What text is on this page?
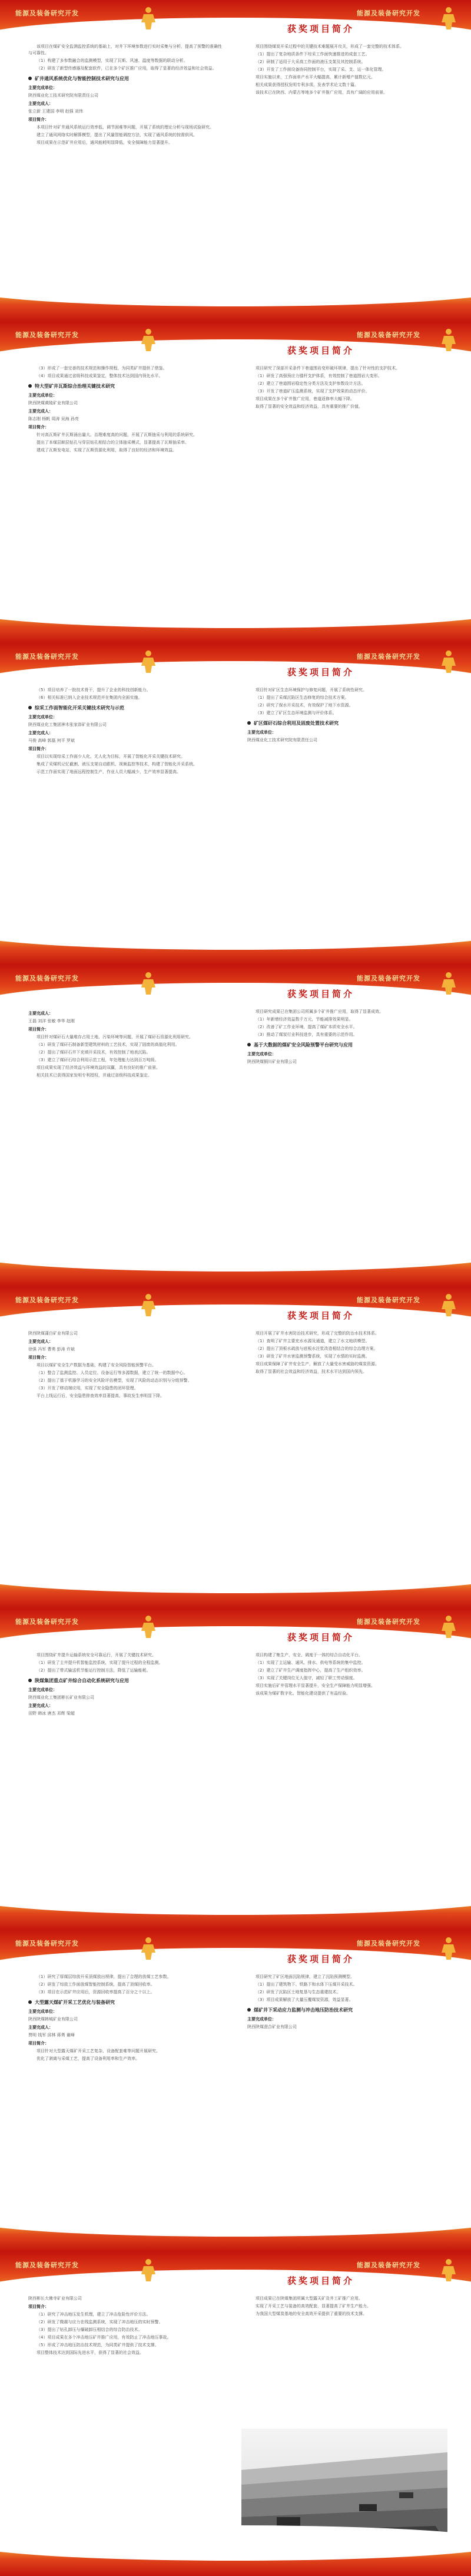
能源及装备研究开发	能源及装备研究开发
获奖项目简介

该项目在煤矿安全监测监控系统的基础上，对井下环境参数进行实时采集与分析，提高了预警的准确性与可靠性。

（1）构建了多参数融合的监测模型，实现了瓦斯、风速、温度等数据的联动分析。

（2）研发了新型传感器及配套软件，已在多个矿区推广应用，取得了显著的经济效益和社会效益。

矿井通风系统优化与智能控制技术研究与应用

主要完成单位：

陕西煤业化工技术研究院有限责任公司

主要完成人：

张立新 王建国 李明 赵强 刘伟

项目简介：

本项目针对矿井通风系统运行效率低、调节困难等问题，开展了系统的理论分析与现场试验研究。

建立了通风网络实时解算模型，提出了风量智能调控方法，实现了通风系统的按需供风。

项目成果在示范矿井应用后，通风能耗明显降低，安全保障能力显著提升。

项目围绕煤炭开采过程中的关键技术难题展开攻关，形成了一套完整的技术体系。

（1）提出了复杂地质条件下综采工作面快速推进的成套工艺。

（2）研制了适用于大采高工作面的液压支架及其控制系统。

（3）开发了工作面设备协同控制平台，实现了采、支、运一体化管理。

项目实施以来，工作面单产水平大幅提高，累计新增产值数亿元。

相关成果获得授权发明专利多项，发表学术论文数十篇。

该技术已在陕西、内蒙古等地多个矿井推广应用，具有广阔的应用前景。

能源及装备研究开发	能源及装备研究开发
获奖项目简介

（3）形成了一套完善的技术规范和操作规程，为同类矿井提供了借鉴。

（4）项目成果通过省级科技成果鉴定，整体技术达到国内领先水平。

特大型矿井瓦斯综合治理关键技术研究

主要完成单位：

陕西陕煤黄陵矿业有限公司

主要完成人：

陈志刚 杨帆 周涛 吴海 孙亮

项目简介：

针对高瓦斯矿井瓦斯涌出量大、治理难度高的问题，开展了瓦斯抽采与利用的系统研究。

提出了本煤层顺层钻孔与穿层钻孔相结合的立体抽采模式，显著提高了瓦斯抽采率。

建成了瓦斯发电站，实现了瓦斯资源化利用，取得了良好的经济和环境效益。

项目研究了深部开采条件下巷道围岩变形破坏规律，提出了针对性的支护技术。

（1）研发了高强预应力锚杆支护体系，有效控制了巷道围岩大变形。

（2）建立了巷道围岩稳定性分类方法及支护参数设计方法。

（3）开发了巷道矿压监测系统，实现了支护效果的动态评价。

项目成果在多个矿井推广应用，巷道返修率大幅下降。

取得了显著的安全效益和经济效益，具有重要的推广价值。

能源及装备研究开发	能源及装备研究开发
获奖项目简介

（5）项目培养了一批技术骨干，提升了企业的科技创新能力。

（6）相关标准已纳入企业技术规范并在集团内全面实施。

综采工作面智能化开采关键技术研究与示范

主要完成单位：

陕西煤业化工集团神木张家峁矿业有限公司

主要完成人：

马俊 高峰 郭磊 何平 罗斌

项目简介：

项目以实现综采工作面少人化、无人化为目标，开展了智能化开采关键技术研究。

集成了采煤机记忆截割、液压支架自动跟机、视频监控等技术，构建了智能化开采系统。

示范工作面实现了地面远程控制生产，作业人员大幅减少，生产效率显著提高。

项目针对矿区生态环境保护与修复问题，开展了系统性研究。

（1）提出了采煤沉陷区生态修复的综合技术方案。

（2）研究了保水开采技术，有效保护了地下水资源。

（3）建立了矿区生态环境监测与评价体系。

矿区煤矸石综合利用及固废处置技术研究

主要完成单位：

陕西煤业化工技术研究院有限责任公司

能源及装备研究开发	能源及装备研究开发
获奖项目简介

主要完成人：

王磊 刘洋 张敏 李华 赵刚

项目简介：

项目针对煤矸石大量堆存占用土地、污染环境等问题，开展了煤矸石资源化利用研究。

（1）研发了煤矸石制备新型建筑材料的工艺技术，实现了固废的高值化利用。

（2）提出了煤矸石井下充填开采技术，有效控制了地表沉陷。

（3）建立了煤矸石综合利用示范工程，年处理能力达到百万吨级。

项目成果实现了经济效益与环境效益的双赢，具有良好的推广前景。

相关技术已获得国家发明专利授权，并通过省级科技成果鉴定。

项目研究成果已在集团公司所属多个矿井推广应用，取得了显著成效。

（1）年新增经济效益数千万元，节能减排效果明显。

（2）改善了矿工作业环境，提高了煤矿本质安全水平。

（3）推动了煤炭行业科技进步，具有重要的示范作用。

基于大数据的煤矿安全风险预警平台研究与应用

主要完成单位：

陕西陕煤铜川矿业有限公司

能源及装备研究开发	能源及装备研究开发
获奖项目简介

陕西陕煤蒲白矿业有限公司

主要完成人：

徐强 冯军 曹勇 彭涛 许斌

项目简介：

项目以煤矿安全生产数据为基础，构建了安全风险智能预警平台。

（1）整合了监测监控、人员定位、设备运行等多源数据，建立了统一的数据中心。

（2）提出了基于机器学习的安全风险评估模型，实现了风险的动态识别与分级预警。

（3）开发了移动端应用，实现了安全隐患的闭环管理。

平台上线运行后，安全隐患排查效率显著提高，事故发生率明显下降。

项目开展了矿井水害防治技术研究，形成了完整的防治水技术体系。

（1）查明了矿井主要充水水源及通道，建立了水文地质模型。

（2）提出了顶板水疏放与底板水注浆改造相结合的综合治理方案。

（3）研发了矿井水害监测预警系统，实现了水情的实时监测。

项目成果保障了矿井安全生产，解放了大量受水害威胁的煤炭资源。

取得了显著的社会效益和经济效益，技术水平达到国内领先。

能源及装备研究开发	能源及装备研究开发
获奖项目简介

项目围绕矿井提升运输系统安全可靠运行，开展了关键技术研究。

（1）研发了主井提升机智能监控系统，实现了提升过程的全程监测。

（2）提出了带式输送机节能运行控制方法，降低了运输能耗。

陕煤集团重点矿井综合自动化系统研究与应用

主要完成单位：

陕西煤业化工集团彬长矿业有限公司

主要完成人：

田野 韩冰 唐杰 邓辉 梁超

项目构建了集生产、安全、调度于一体的综合自动化平台。

（1）实现了主运输、通风、排水、供电等系统的集中监控。

（2）建立了矿井生产调度指挥中心，提高了生产组织效率。

（3）实现了关键岗位无人值守，减轻了职工劳动强度。

项目实施后矿井管理水平显著提升，安全生产保障能力明显增强。

该成果为煤矿数字化、智能化建设提供了有益经验。

能源及装备研究开发	能源及装备研究开发
获奖项目简介

（1）研究了厚煤层综放开采顶煤放出规律，提出了合理的放煤工艺参数。

（2）研发了综放工作面放煤智能控制系统，提高了顶煤回收率。

（3）项目在示范矿井应用后，资源回收率提高了百分之十以上。

大型露天煤矿开采工艺优化与装备研究

主要完成单位：

陕西陕煤韩城矿业有限公司

主要完成人：

贾明 钱军 邱林 蒋勇 谢峰

项目简介：

项目针对大型露天煤矿开采工艺复杂、设备配套难等问题开展研究。

优化了剥离与采煤工艺，提高了设备利用率和生产效率。

项目研究了矿区地面沉陷规律，建立了沉陷预测模型。

（1）提出了建筑物下、铁路下和水体下压煤开采技术。

（2）研发了沉陷区土地复垦与生态重建技术。

（3）项目成果解放了大量压覆煤炭资源，效益显著。

煤矿井下采动应力监测与冲击地压防治技术研究

主要完成单位：

陕西陕煤澄合矿业有限公司

能源及装备研究开发	能源及装备研究开发
获奖项目简介

陕西彬长大佛寺矿业有限公司

项目简介：

（1）研究了冲击地压发生机理，建立了冲击危险性评价方法。

（2）研发了微震与应力在线监测系统，实现了冲击地压的实时预警。

（3）提出了钻孔卸压与爆破卸压相结合的综合防治技术。

（4）项目成果在多个冲击地压矿井推广应用，有效防止了冲击地压事故。

（5）形成了冲击地压防治技术规范，为同类矿井提供了技术支撑。

项目整体技术达到国际先进水平，获得了显著的社会效益。

项目成果已在陕煤集团所属大型露天矿及井工矿推广应用。

实现了开采工艺与装备的高效配套，显著提高了矿井生产能力。

为我国大型煤炭基地的安全高效开采提供了重要的技术支撑。
